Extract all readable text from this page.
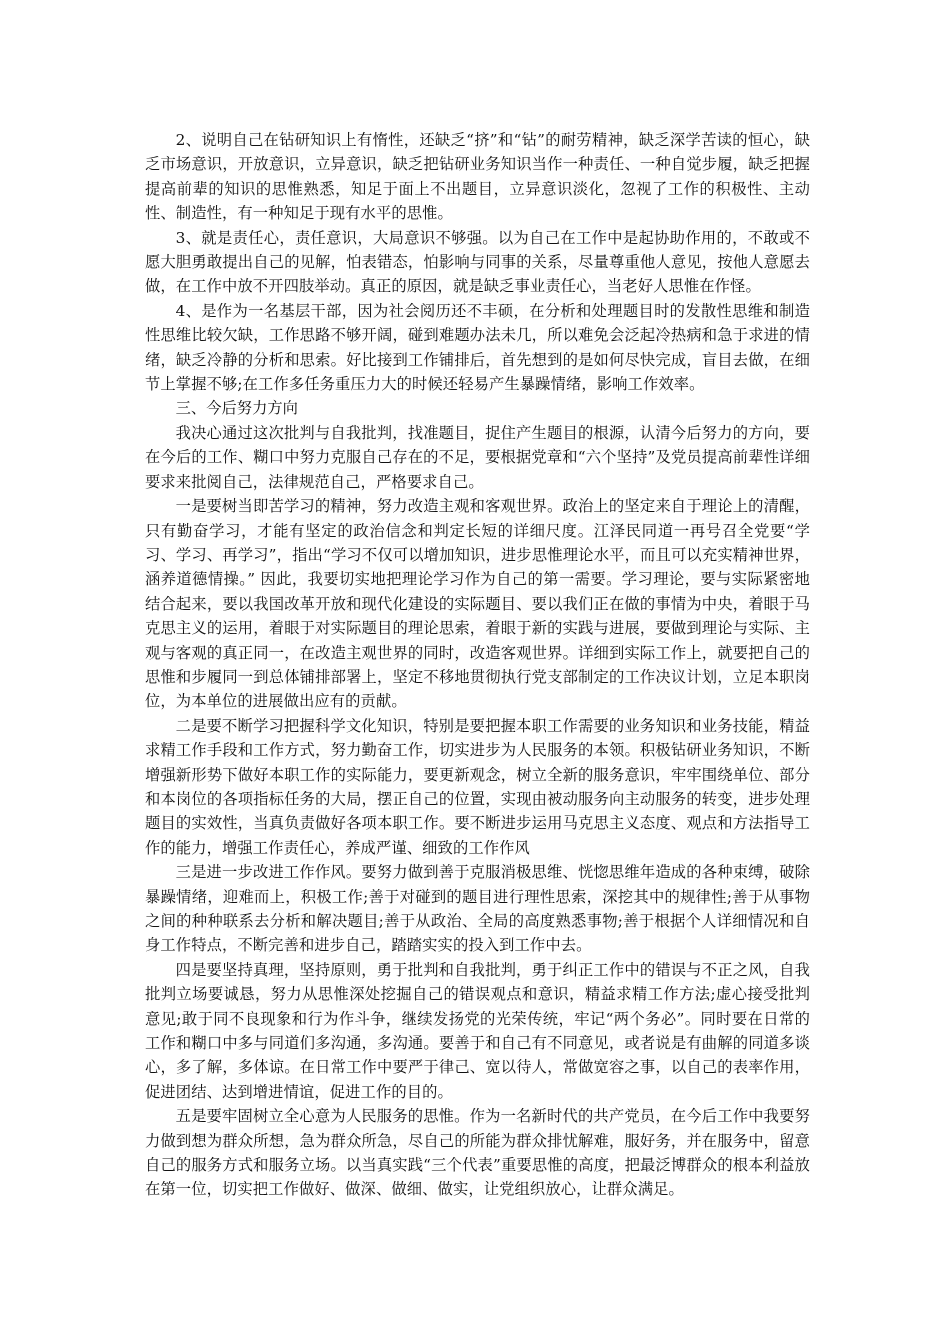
2、说明自己在钻研知识上有惰性，还缺乏“挤”和“钻”的耐劳精神，缺乏深学苦读的恒心，缺乏市场意识，开放意识，立异意识，缺乏把钻研业务知识当作一种责任、一种自觉步履，缺乏把握提高前辈的知识的思惟熟悉，知足于面上不出题目，立异意识淡化，忽视了工作的积极性、主动性、制造性，有一种知足于现有水平的思惟。

3、就是责任心，责任意识，大局意识不够强。以为自己在工作中是起协助作用的，不敢或不愿大胆勇敢提出自己的见解，怕表错态，怕影响与同事的关系，尽量尊重他人意见，按他人意愿去做，在工作中放不开四肢举动。真正的原因，就是缺乏事业责任心，当老好人思惟在作怪。

4、是作为一名基层干部，因为社会阅历还不丰硕，在分析和处理题目时的发散性思维和制造性思维比较欠缺，工作思路不够开阔，碰到难题办法未几，所以难免会泛起冷热病和急于求进的情绪，缺乏冷静的分析和思索。好比接到工作铺排后，首先想到的是如何尽快完成，盲目去做，在细节上掌握不够;在工作多任务重压力大的时候还轻易产生暴躁情绪，影响工作效率。

三、今后努力方向

我决心通过这次批判与自我批判，找准题目，捉住产生题目的根源，认清今后努力的方向，要在今后的工作、糊口中努力克服自己存在的不足，要根据党章和“六个坚持”及党员提高前辈性详细要求来批阅自己，法律规范自己，严格要求自己。

一是要树当即苦学习的精神，努力改造主观和客观世界。政治上的坚定来自于理论上的清醒，只有勤奋学习，才能有坚定的政治信念和判定长短的详细尺度。江泽民同道一再号召全党要“学习、学习、再学习”，指出“学习不仅可以增加知识，进步思惟理论水平，而且可以充实精神世界，涵养道德情操。” 因此，我要切实地把理论学习作为自己的第一需要。学习理论，要与实际紧密地结合起来，要以我国改革开放和现代化建设的实际题目、要以我们正在做的事情为中央，着眼于马克思主义的运用，着眼于对实际题目的理论思索，着眼于新的实践与进展，要做到理论与实际、主观与客观的真正同一，在改造主观世界的同时，改造客观世界。详细到实际工作上，就要把自己的思惟和步履同一到总体铺排部署上，坚定不移地贯彻执行党支部制定的工作决议计划，立足本职岗位，为本单位的进展做出应有的贡献。

二是要不断学习把握科学文化知识，特别是要把握本职工作需要的业务知识和业务技能，精益求精工作手段和工作方式，努力勤奋工作，切实进步为人民服务的本领。积极钻研业务知识，不断增强新形势下做好本职工作的实际能力，要更新观念，树立全新的服务意识，牢牢围绕单位、部分和本岗位的各项指标任务的大局，摆正自己的位置，实现由被动服务向主动服务的转变，进步处理题目的实效性，当真负责做好各项本职工作。要不断进步运用马克思主义态度、观点和方法指导工作的能力，增强工作责任心，养成严谨、细致的工作作风

三是进一步改进工作作风。要努力做到善于克服消极思维、恍惚思维年造成的各种束缚，破除暴躁情绪，迎难而上，积极工作;善于对碰到的题目进行理性思索，深挖其中的规律性;善于从事物之间的种种联系去分析和解决题目;善于从政治、全局的高度熟悉事物;善于根据个人详细情况和自身工作特点，不断完善和进步自己，踏踏实实的投入到工作中去。

四是要坚持真理，坚持原则，勇于批判和自我批判，勇于纠正工作中的错误与不正之风，自我批判立场要诚恳，努力从思惟深处挖掘自己的错误观点和意识，精益求精工作方法;虚心接受批判意见;敢于同不良现象和行为作斗争，继续发扬党的光荣传统，牢记“两个务必”。同时要在日常的工作和糊口中多与同道们多沟通，多沟通。要善于和自己有不同意见，或者说是有曲解的同道多谈心，多了解，多体谅。在日常工作中要严于律己、宽以待人，常做宽容之事，以自己的表率作用，促进团结、达到增进情谊，促进工作的目的。

五是要牢固树立全心意为人民服务的思惟。作为一名新时代的共产党员，在今后工作中我要努力做到想为群众所想，急为群众所急，尽自己的所能为群众排忧解难，服好务，并在服务中，留意自己的服务方式和服务立场。以当真实践“三个代表”重要思惟的高度，把最泛博群众的根本利益放在第一位，切实把工作做好、做深、做细、做实，让党组织放心，让群众满足。
